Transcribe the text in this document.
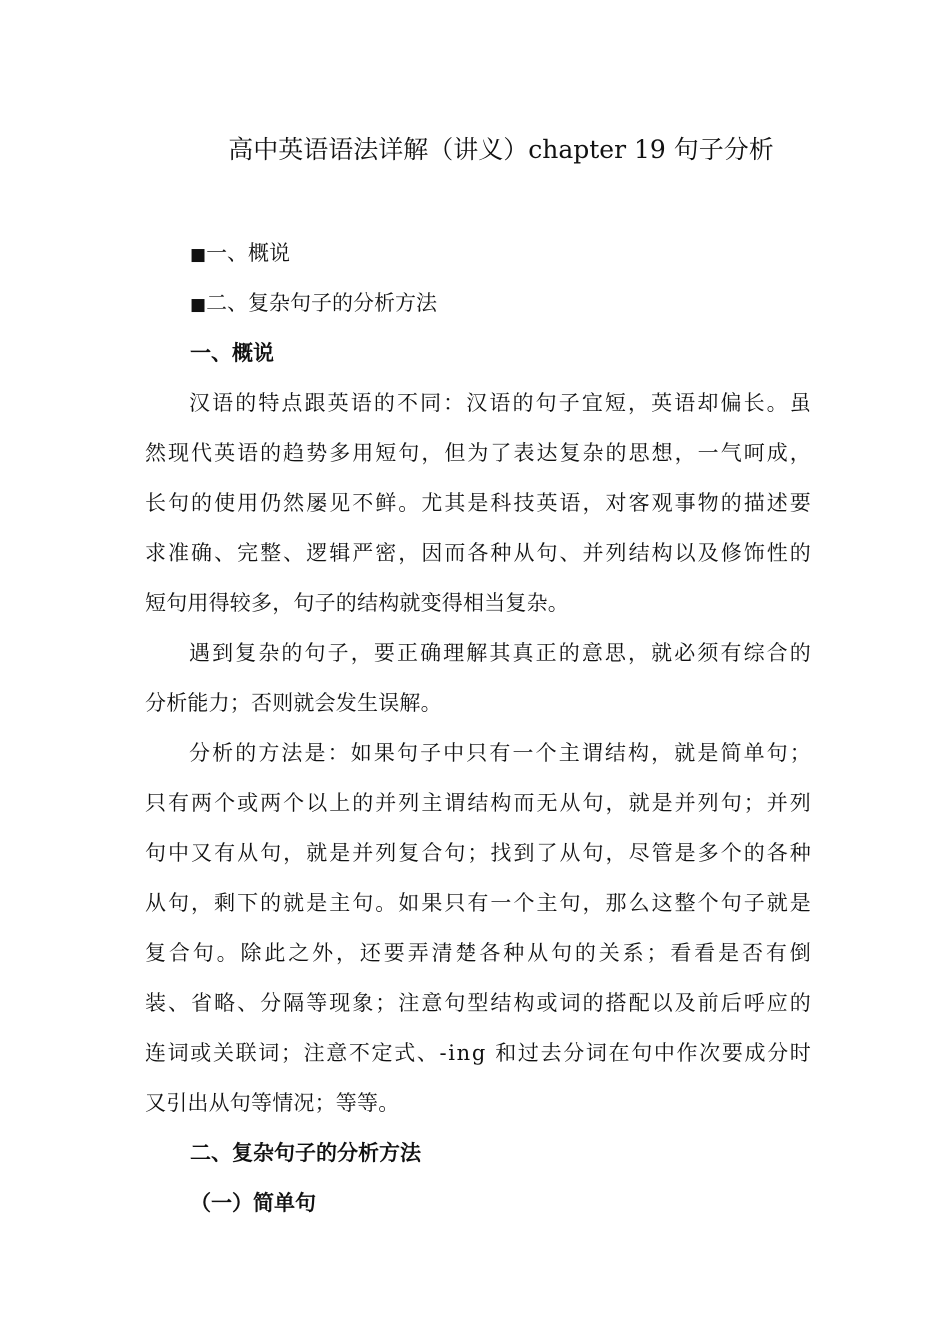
高中英语语法详解（讲义）chapter 19 句子分析
■一、概说
■二、复杂句子的分析方法
一、概说
汉语的特点跟英语的不同：汉语的句子宜短，英语却偏长。虽
然现代英语的趋势多用短句，但为了表达复杂的思想，一气呵成，
长句的使用仍然屡见不鲜。尤其是科技英语，对客观事物的描述要
求准确、完整、逻辑严密，因而各种从句、并列结构以及修饰性的
短句用得较多，句子的结构就变得相当复杂。
遇到复杂的句子，要正确理解其真正的意思，就必须有综合的
分析能力；否则就会发生误解。
分析的方法是：如果句子中只有一个主谓结构，就是简单句；
只有两个或两个以上的并列主谓结构而无从句，就是并列句；并列
句中又有从句，就是并列复合句；找到了从句，尽管是多个的各种
从句，剩下的就是主句。如果只有一个主句，那么这整个句子就是
复合句。除此之外，还要弄清楚各种从句的关系；看看是否有倒
装、省略、分隔等现象；注意句型结构或词的搭配以及前后呼应的
连词或关联词；注意不定式、-ing 和过去分词在句中作次要成分时
又引出从句等情况；等等。
二、复杂句子的分析方法
（一）简单句
